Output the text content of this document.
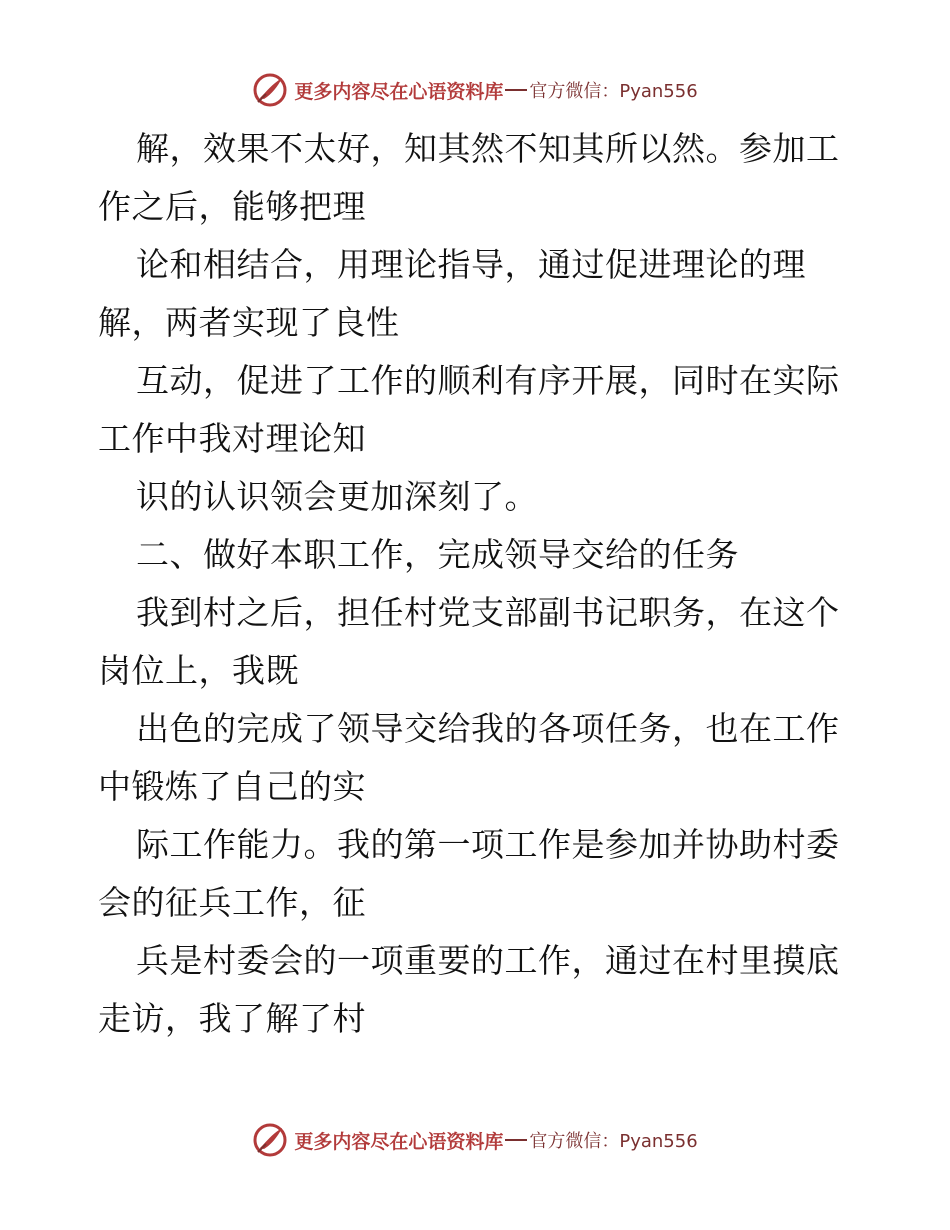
更多内容尽在心语资料库 官方微信：Pyan556
解，效果不太好，知其然不知其所以然。参加工
作之后，能够把理
论和相结合，用理论指导，通过促进理论的理
解，两者实现了良性
互动，促进了工作的顺利有序开展，同时在实际
工作中我对理论知
识的认识领会更加深刻了。
二、做好本职工作，完成领导交给的任务
我到村之后，担任村党支部副书记职务，在这个
岗位上，我既
出色的完成了领导交给我的各项任务，也在工作
中锻炼了自己的实
际工作能力。我的第一项工作是参加并协助村委
会的征兵工作，征
兵是村委会的一项重要的工作，通过在村里摸底
走访，我了解了村
更多内容尽在心语资料库 官方微信：Pyan556
